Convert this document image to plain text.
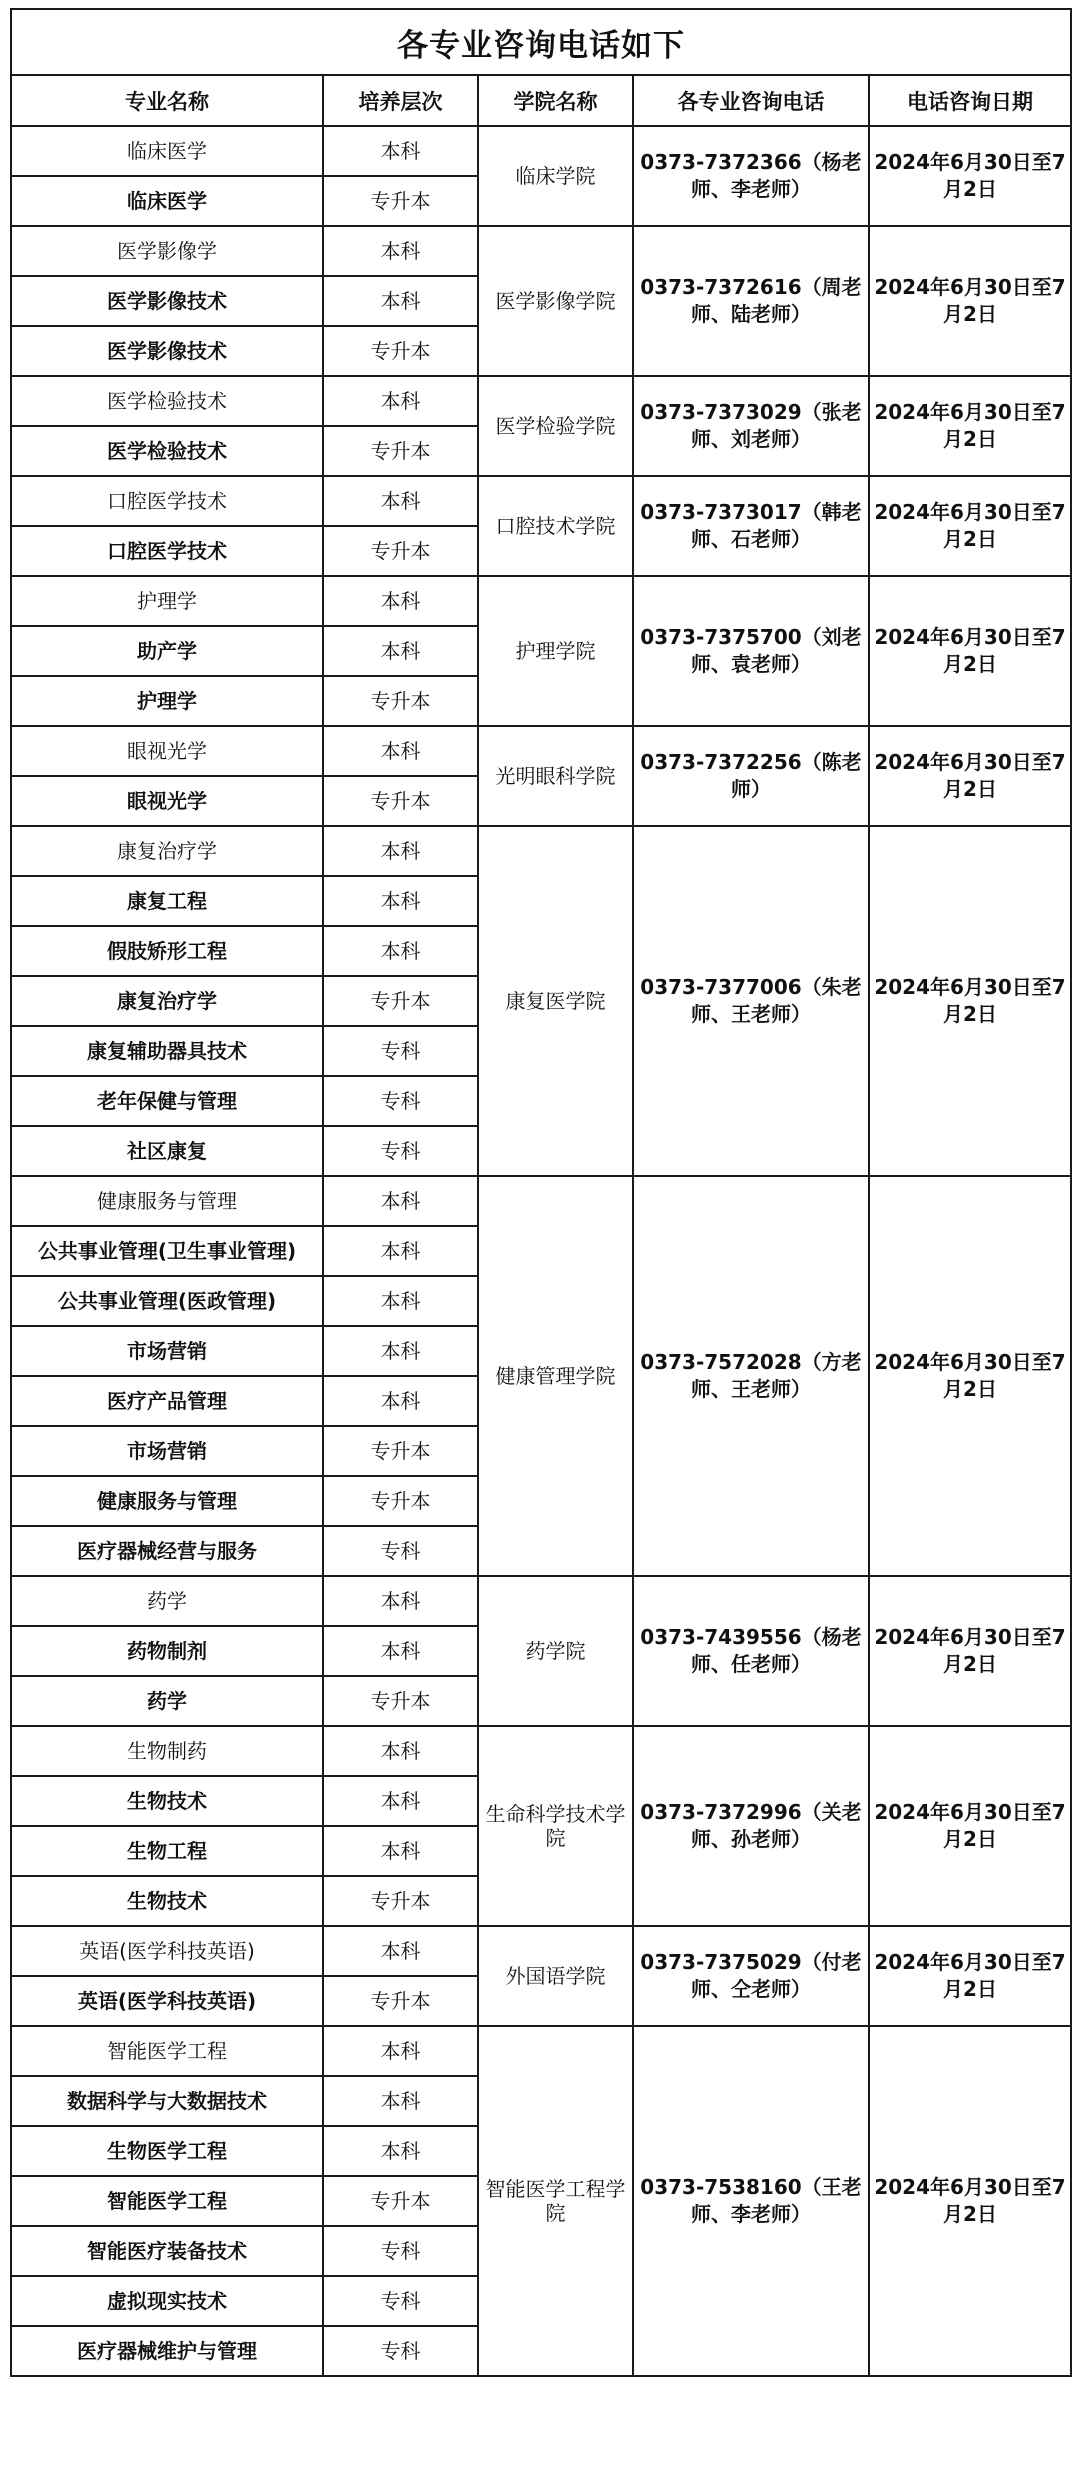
各专业咨询电话如下				
专业名称	培养层次	学院名称	各专业咨询电话	电话咨询日期
临床医学	本科	临床学院	0373-7372366（杨老师、李老师）	2024年6月30日至7月2日
临床医学	专升本			
医学影像学	本科	医学影像学院	0373-7372616（周老师、陆老师）	2024年6月30日至7月2日
医学影像技术	本科			
医学影像技术	专升本			
医学检验技术	本科	医学检验学院	0373-7373029（张老师、刘老师）	2024年6月30日至7月2日
医学检验技术	专升本			
口腔医学技术	本科	口腔技术学院	0373-7373017（韩老师、石老师）	2024年6月30日至7月2日
口腔医学技术	专升本			
护理学	本科	护理学院	0373-7375700（刘老师、袁老师）	2024年6月30日至7月2日
助产学	本科			
护理学	专升本			
眼视光学	本科	光明眼科学院	0373-7372256（陈老师）	2024年6月30日至7月2日
眼视光学	专升本			
康复治疗学	本科	康复医学院	0373-7377006（朱老师、王老师）	2024年6月30日至7月2日
康复工程	本科			
假肢矫形工程	本科			
康复治疗学	专升本			
康复辅助器具技术	专科			
老年保健与管理	专科			
社区康复	专科			
健康服务与管理	本科	健康管理学院	0373-7572028（方老师、王老师）	2024年6月30日至7月2日
公共事业管理(卫生事业管理)	本科			
公共事业管理(医政管理)	本科			
市场营销	本科			
医疗产品管理	本科			
市场营销	专升本			
健康服务与管理	专升本			
医疗器械经营与服务	专科			
药学	本科	药学院	0373-7439556（杨老师、任老师）	2024年6月30日至7月2日
药物制剂	本科			
药学	专升本			
生物制药	本科	生命科学技术学院	0373-7372996（关老师、孙老师）	2024年6月30日至7月2日
生物技术	本科			
生物工程	本科			
生物技术	专升本			
英语(医学科技英语)	本科	外国语学院	0373-7375029（付老师、仝老师）	2024年6月30日至7月2日
英语(医学科技英语)	专升本			
智能医学工程	本科	智能医学工程学院	0373-7538160（王老师、李老师）	2024年6月30日至7月2日
数据科学与大数据技术	本科			
生物医学工程	本科			
智能医学工程	专升本			
智能医疗装备技术	专科			
虚拟现实技术	专科			
医疗器械维护与管理	专科			
